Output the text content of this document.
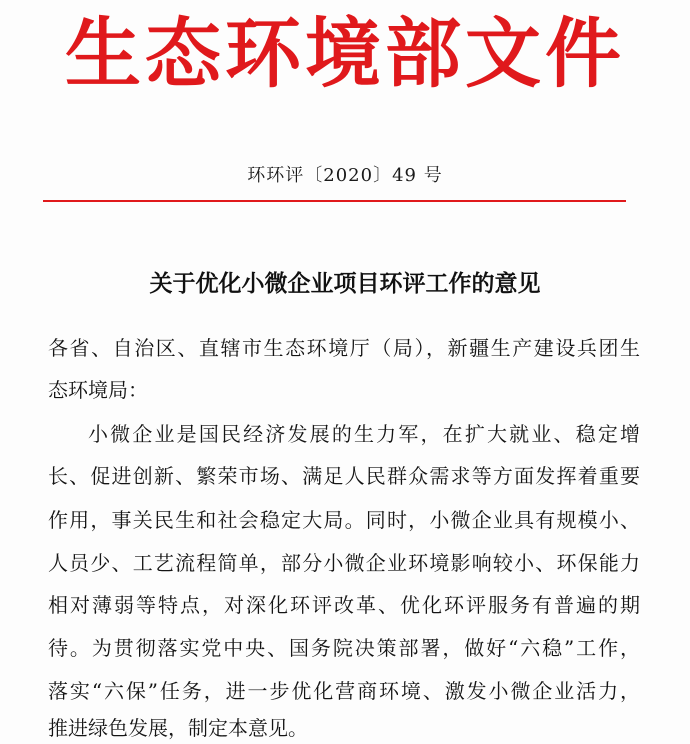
生态环境部文件
环环评〔2020〕49 号
关于优化小微企业项目环评工作的意见
各省、自治区、直辖市生态环境厅（局），新疆生产建设兵团生
态环境局：
小微企业是国民经济发展的生力军，在扩大就业、稳定增
长、促进创新、繁荣市场、满足人民群众需求等方面发挥着重要
作用，事关民生和社会稳定大局。同时，小微企业具有规模小、
人员少、工艺流程简单，部分小微企业环境影响较小、环保能力
相对薄弱等特点，对深化环评改革、优化环评服务有普遍的期
待。为贯彻落实党中央、国务院决策部署，做好“六稳”工作，
落实“六保”任务，进一步优化营商环境、激发小微企业活力，
推进绿色发展，制定本意见。
